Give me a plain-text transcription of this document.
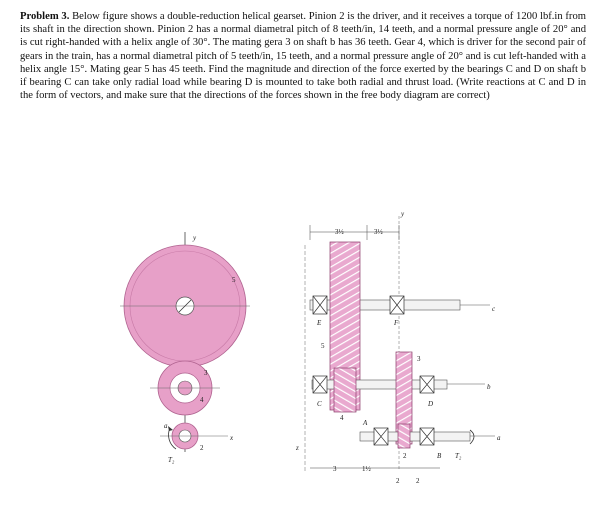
Problem 3. Below figure shows a double-reduction helical gearset. Pinion 2 is the driver, and it receives a torque of 1200 lbf.in from its shaft in the direction shown. Pinion 2 has a normal diametral pitch of 8 teeth/in, 14 teeth, and a normal pressure angle of 20° and is cut right-handed with a helix angle of 30°. The mating gera 3 on shaft b has 36 teeth. Gear 4, which is driver for the second pair of gears in the train, has a normal diametral pitch of 5 teeth/in, 15 teeth, and a normal pressure angle of 20° and is cut left-handed with a helix angle 15°. Mating gear 5 has 45 teeth. Find the magnitude and direction of the force exerted by the bearings C and D on shaft b if bearing C can take only radial load while bearing D is mounted to take both radial and thrust load. (Write reactions at C and D in the form of vectors, and make sure that the directions of the forces shown in the free body diagram are correct)
y
5
4
3
x
2
T₂
a
3½	3½
y
z
c
5
E	F
b
4
3
C	D
a
2
A
B T₂
3	1½
2 2
